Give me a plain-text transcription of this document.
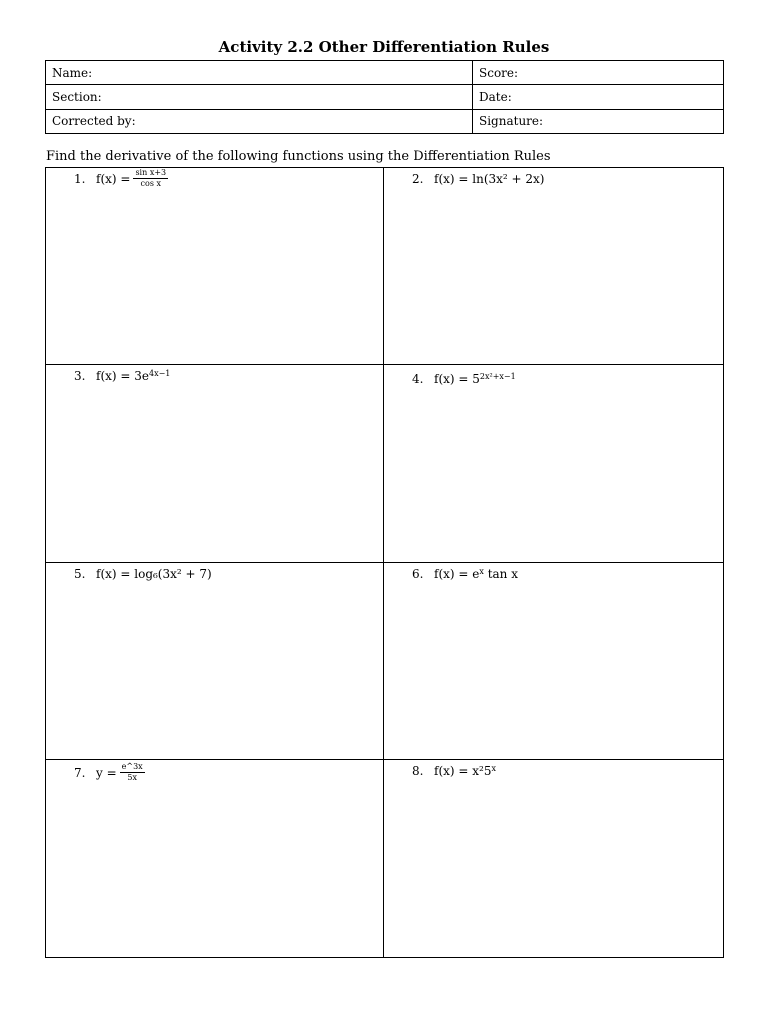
Activity 2.2 Other Differentiation Rules
Name:	Score:
Section:	Date:
Corrected by:	Signature:
Find the derivative of the following functions using the Differentiation Rules
1. $f(x) = \frac{\text{sin x+3}}{\text{cos x}}$	2. f(x) = ln(3x² + 2x)
3. $f(x) = 3e^{4x-1}$	4. $f(x) = 5^{2x^2+x-1}$
5. f(x) = log₆(3x² + 7)	6. $f(x) = e^x$ tan x
7. $y = \frac{e\^{}3x}{5x}$	8. $f(x) = x^25^x$
